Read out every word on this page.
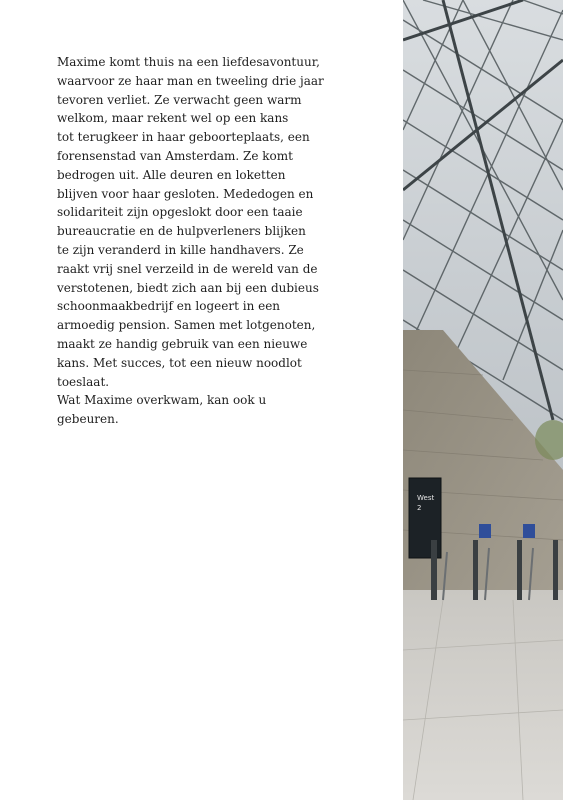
Maxime komt thuis na een liefdesavontuur,
waarvoor ze haar man en tweeling drie jaar
tevoren verliet. Ze verwacht geen warm
welkom, maar rekent wel op een kans
tot terugkeer in haar geboorteplaats, een
forensenstad van Amsterdam. Ze komt
bedrogen uit. Alle deuren en loketten
blijven voor haar gesloten. Mededogen en
solidariteit zijn opgeslokt door een taaie
bureaucratie en de hulpverleners blijken
te zijn veranderd in kille handhavers. Ze
raakt vrij snel verzeild in de wereld van de
verstotenen, biedt zich aan bij een dubieus
schoonmaakbedrijf en logeert in een
armoedig pension. Samen met lotgenoten,
maakt ze handig gebruik van een nieuwe
kans. Met succes, tot een nieuw noodlot
toeslaat.
Wat Maxime overkwam, kan ook u
gebeuren.
West
2
